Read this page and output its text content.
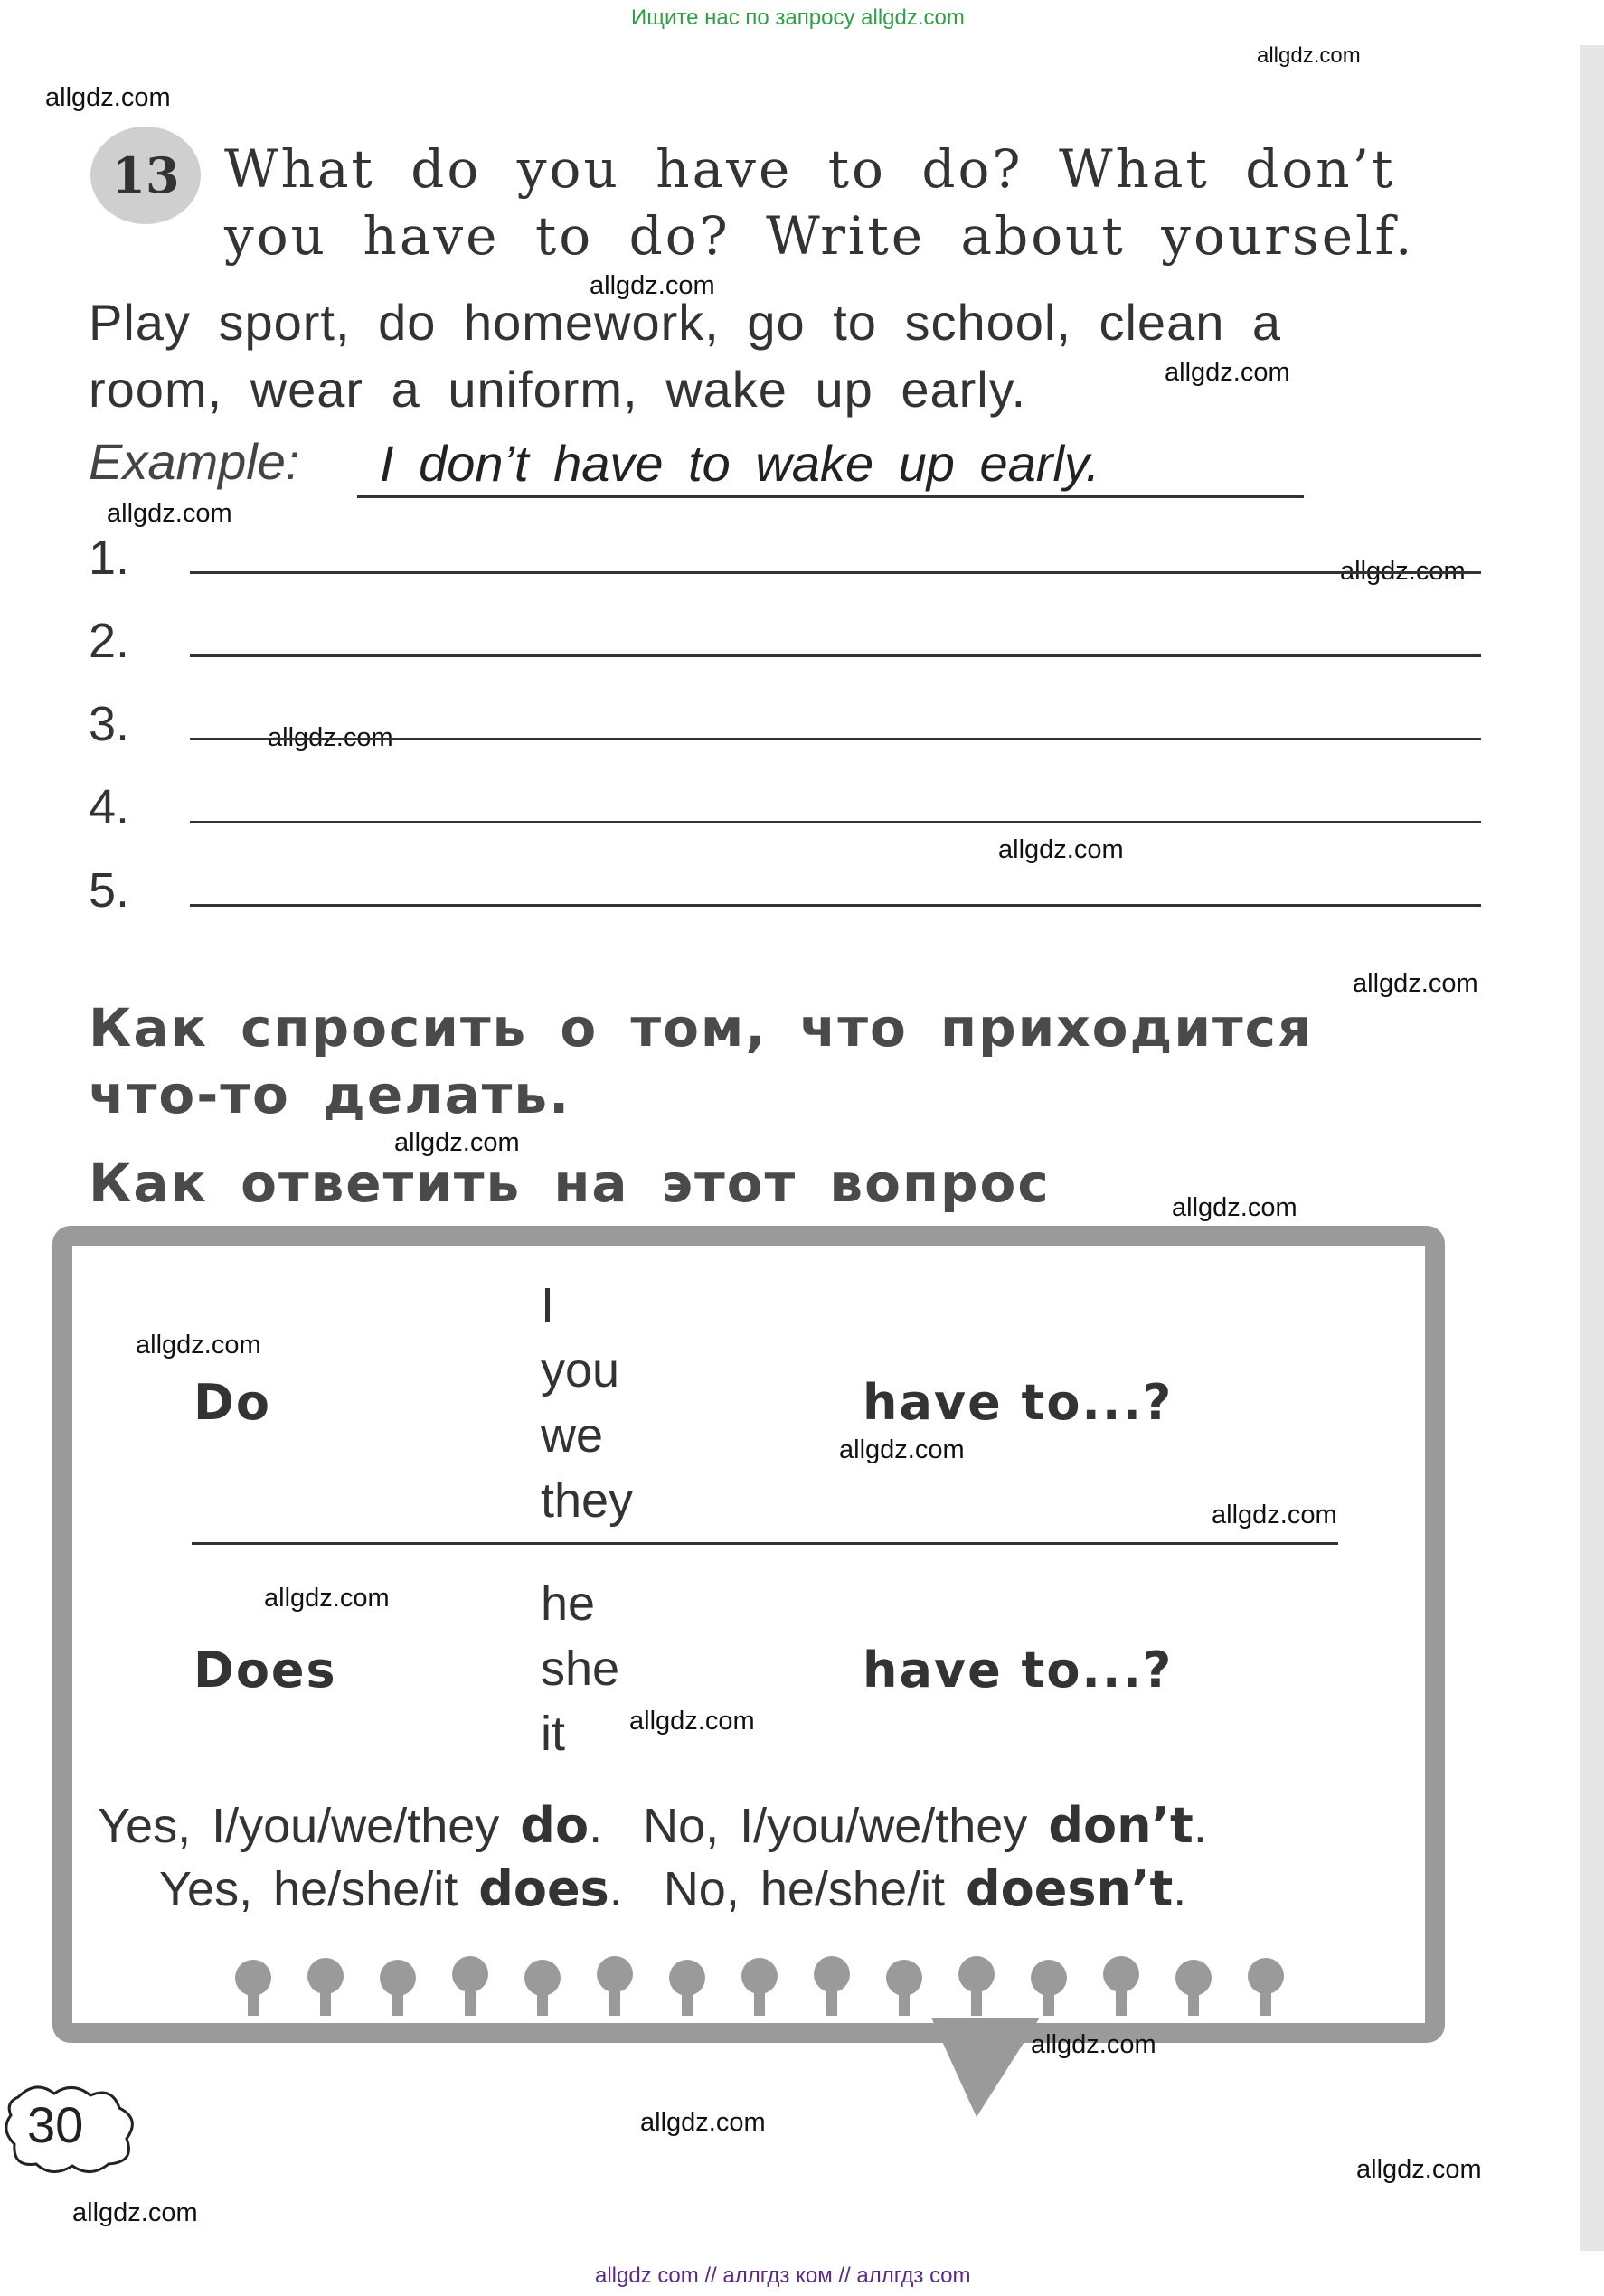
Ищите нас по запросу allgdz.com
allgdz.com
allgdz.com
allgdz.com
allgdz.com
allgdz.com
allgdz.com
allgdz.com
allgdz.com
allgdz.com
allgdz.com
allgdz.com
13 What do you have to do? What don’t
you have to do? Write about yourself.
Play sport, do homework, go to school, clean a
room, wear a uniform, wake up early.
Example:	I don’t have to wake up early.
1.
2.
3.
4.
5.
Как спросить о том, что приходится
что-то делать.
Как ответить на этот вопрос
allgdz.com
Do
I
you
we
they
have to...?
allgdz.com
allgdz.com
allgdz.com
Does
he
she
it
have to...?
allgdz.com
Yes, I/you/we/they do. No, I/you/we/they don’t.
Yes, he/she/it does. No, he/she/it doesn’t.
allgdz.com
30	allgdz.com
allgdz.com
allgdz.com
allgdz com // аллгдз ком // аллгдз com
